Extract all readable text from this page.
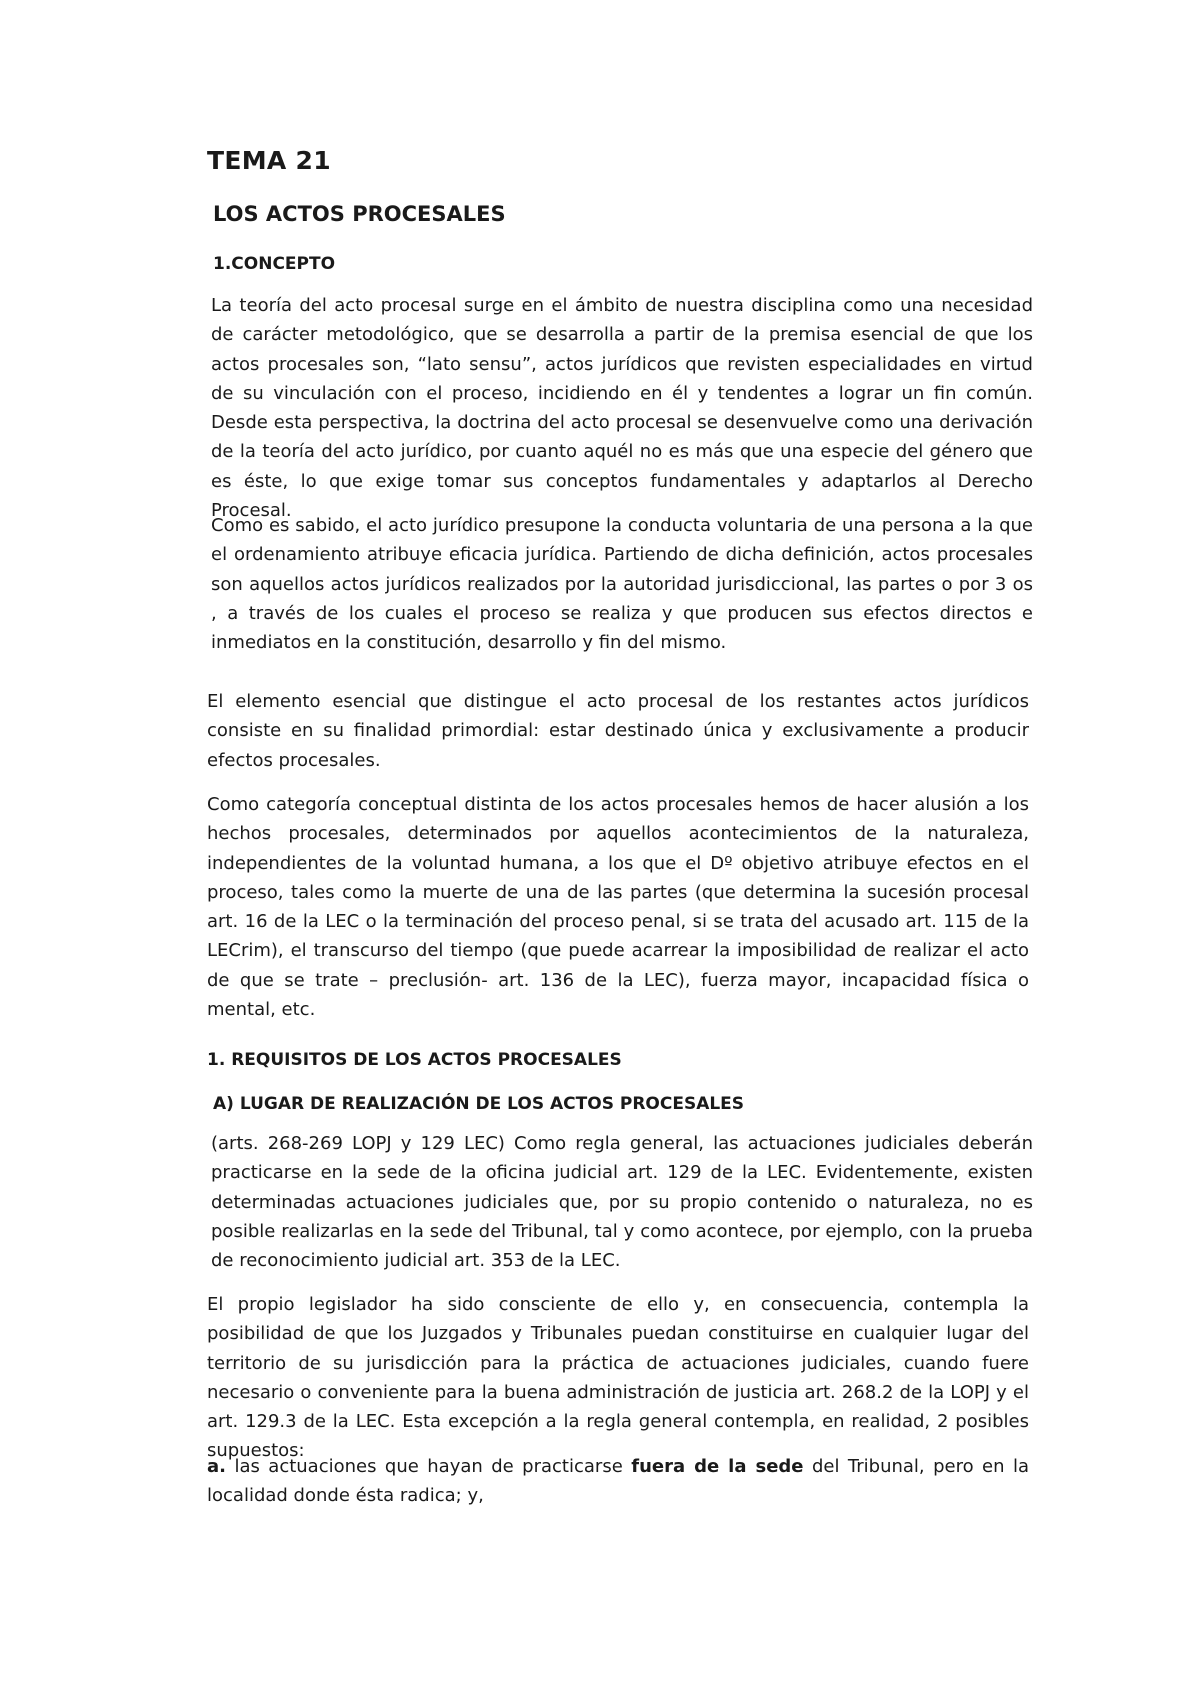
TEMA 21
LOS ACTOS PROCESALES
1.CONCEPTO

La teoría del acto procesal surge en el ámbito de nuestra disciplina como una necesidad de carácter metodológico, que se desarrolla a partir de la premisa esencial de que los actos procesales son, “lato sensu”, actos jurídicos que revisten especialidades en virtud de su vinculación con el proceso, incidiendo en él y tendentes a lograr un fin común. Desde esta perspectiva, la doctrina del acto procesal se desenvuelve como una derivación de la teoría del acto jurídico, por cuanto aquél no es más que una especie del género que es éste, lo que exige tomar sus conceptos fundamentales y adaptarlos al Derecho Procesal.

Como es sabido, el acto jurídico presupone la conducta voluntaria de una persona a la que el ordenamiento atribuye eficacia jurídica. Partiendo de dicha definición, actos procesales son aquellos actos jurídicos realizados por la autoridad jurisdiccional, las partes o por 3 os , a través de los cuales el proceso se realiza y que producen sus efectos directos e inmediatos en la constitución, desarrollo y fin del mismo.

El elemento esencial que distingue el acto procesal de los restantes actos jurídicos consiste en su finalidad primordial: estar destinado única y exclusivamente a producir efectos procesales.

Como categoría conceptual distinta de los actos procesales hemos de hacer alusión a los hechos procesales, determinados por aquellos acontecimientos de la naturaleza, independientes de la voluntad humana, a los que el Dº objetivo atribuye efectos en el proceso, tales como la muerte de una de las partes (que determina la sucesión procesal art. 16 de la LEC o la terminación del proceso penal, si se trata del acusado art. 115 de la LECrim), el transcurso del tiempo (que puede acarrear la imposibilidad de realizar el acto de que se trate – preclusión- art. 136 de la LEC), fuerza mayor, incapacidad física o mental, etc.

1. REQUISITOS DE LOS ACTOS PROCESALES
A) LUGAR DE REALIZACIÓN DE LOS ACTOS PROCESALES

(arts. 268-269 LOPJ y 129 LEC) Como regla general, las actuaciones judiciales deberán practicarse en la sede de la oficina judicial art. 129 de la LEC. Evidentemente, existen determinadas actuaciones judiciales que, por su propio contenido o naturaleza, no es posible realizarlas en la sede del Tribunal, tal y como acontece, por ejemplo, con la prueba de reconocimiento judicial art. 353 de la LEC.

El propio legislador ha sido consciente de ello y, en consecuencia, contempla la posibilidad de que los Juzgados y Tribunales puedan constituirse en cualquier lugar del territorio de su jurisdicción para la práctica de actuaciones judiciales, cuando fuere necesario o conveniente para la buena administración de justicia art. 268.2 de la LOPJ y el art. 129.3 de la LEC. Esta excepción a la regla general contempla, en realidad, 2 posibles supuestos:

a. las actuaciones que hayan de practicarse fuera de la sede del Tribunal, pero en la localidad donde ésta radica; y,
